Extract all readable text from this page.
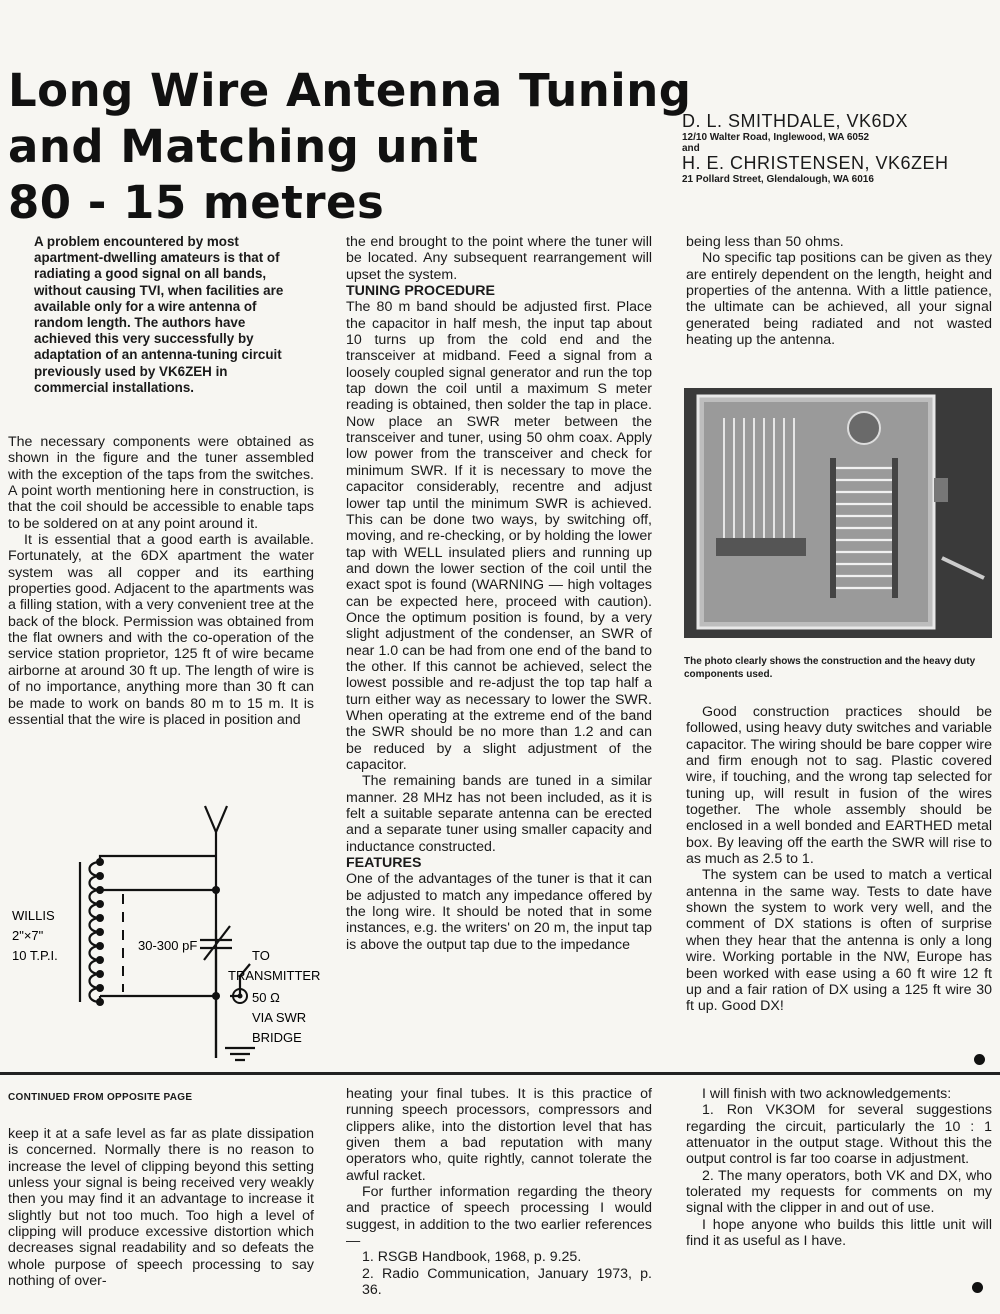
Long Wire Antenna Tuning
and Matching unit
80 - 15 metres
D. L. SMITHDALE, VK6DX
12/10 Walter Road, Inglewood, WA 6052
and
H. E. CHRISTENSEN, VK6ZEH
21 Pollard Street, Glendalough, WA 6016

A problem encountered by most apartment-dwelling amateurs is that of radiating a good signal on all bands, without causing TVI, when facilities are available only for a wire antenna of random length. The authors have achieved this very successfully by adaptation of an antenna-tuning circuit previously used by VK6ZEH in commercial installations.

The necessary components were obtained as shown in the figure and the tuner assembled with the exception of the taps from the switches. A point worth mentioning here in construction, is that the coil should be accessible to enable taps to be soldered on at any point around it.

It is essential that a good earth is available. Fortunately, at the 6DX apartment the water system was all copper and its earthing properties good. Adjacent to the apartments was a filling station, with a very convenient tree at the back of the block. Permission was obtained from the flat owners and with the co-operation of the service station proprietor, 125 ft of wire became airborne at around 30 ft up. The length of wire is of no importance, anything more than 30 ft can be made to work on bands 80 m to 15 m. It is essential that the wire is placed in position and

WILLIS
2"×7"
10 T.P.I.
30-300 pF
TO
TRANSMITTER
50 Ω
VIA SWR
BRIDGE

the end brought to the point where the tuner will be located. Any subsequent rearrangement will upset the system.

TUNING PROCEDURE

The 80 m band should be adjusted first. Place the capacitor in half mesh, the input tap about 10 turns up from the cold end and the transceiver at midband. Feed a signal from a loosely coupled signal generator and run the top tap down the coil until a maximum S meter reading is obtained, then solder the tap in place. Now place an SWR meter between the transceiver and tuner, using 50 ohm coax. Apply low power from the transceiver and check for minimum SWR. If it is necessary to move the capacitor considerably, recentre and adjust lower tap until the minimum SWR is achieved. This can be done two ways, by switching off, moving, and re-checking, or by holding the lower tap with WELL insulated pliers and running up and down the lower section of the coil until the exact spot is found (WARNING — high voltages can be expected here, proceed with caution). Once the optimum position is found, by a very slight adjustment of the condenser, an SWR of near 1.0 can be had from one end of the band to the other. If this cannot be achieved, select the lowest possible and re-adjust the top tap half a turn either way as necessary to lower the SWR. When operating at the extreme end of the band the SWR should be no more than 1.2 and can be reduced by a slight adjustment of the capacitor.

The remaining bands are tuned in a similar manner. 28 MHz has not been included, as it is felt a suitable separate antenna can be erected and a separate tuner using smaller capacity and inductance constructed.

FEATURES

One of the advantages of the tuner is that it can be adjusted to match any impedance offered by the long wire. It should be noted that in some instances, e.g. the writers' on 20 m, the input tap is above the output tap due to the impedance

being less than 50 ohms.

No specific tap positions can be given as they are entirely dependent on the length, height and properties of the antenna. With a little patience, the ultimate can be achieved, all your signal generated being radiated and not wasted heating up the antenna.

The photo clearly shows the construction and the heavy duty components used.

Good construction practices should be followed, using heavy duty switches and variable capacitor. The wiring should be bare copper wire and firm enough not to sag. Plastic covered wire, if touching, and the wrong tap selected for tuning up, will result in fusion of the wires together. The whole assembly should be enclosed in a well bonded and EARTHED metal box. By leaving off the earth the SWR will rise to as much as 2.5 to 1.

The system can be used to match a vertical antenna in the same way. Tests to date have shown the system to work very well, and the comment of DX stations is often of surprise when they hear that the antenna is only a long wire. Working portable in the NW, Europe has been worked with ease using a 60 ft wire 12 ft up and a fair ration of DX using a 125 ft wire 30 ft up. Good DX!

CONTINUED FROM OPPOSITE PAGE

keep it at a safe level as far as plate dissipation is concerned. Normally there is no reason to increase the level of clipping beyond this setting unless your signal is being received very weakly then you may find it an advantage to increase it slightly but not too much. Too high a level of clipping will produce excessive distortion which decreases signal readability and so defeats the whole purpose of speech processing to say nothing of over-

heating your final tubes. It is this practice of running speech processors, compressors and clippers alike, into the distortion level that has given them a bad reputation with many operators who, quite rightly, cannot tolerate the awful racket.

For further information regarding the theory and practice of speech processing I would suggest, in addition to the two earlier references —

1. RSGB Handbook, 1968, p. 9.25.
2. Radio Communication, January 1973, p. 36.

I will finish with two acknowledgements:

1. Ron VK3OM for several suggestions regarding the circuit, particularly the 10 : 1 attenuator in the output stage. Without this the output control is far too coarse in adjustment.

2. The many operators, both VK and DX, who tolerated my requests for comments on my signal with the clipper in and out of use.

I hope anyone who builds this little unit will find it as useful as I have.
